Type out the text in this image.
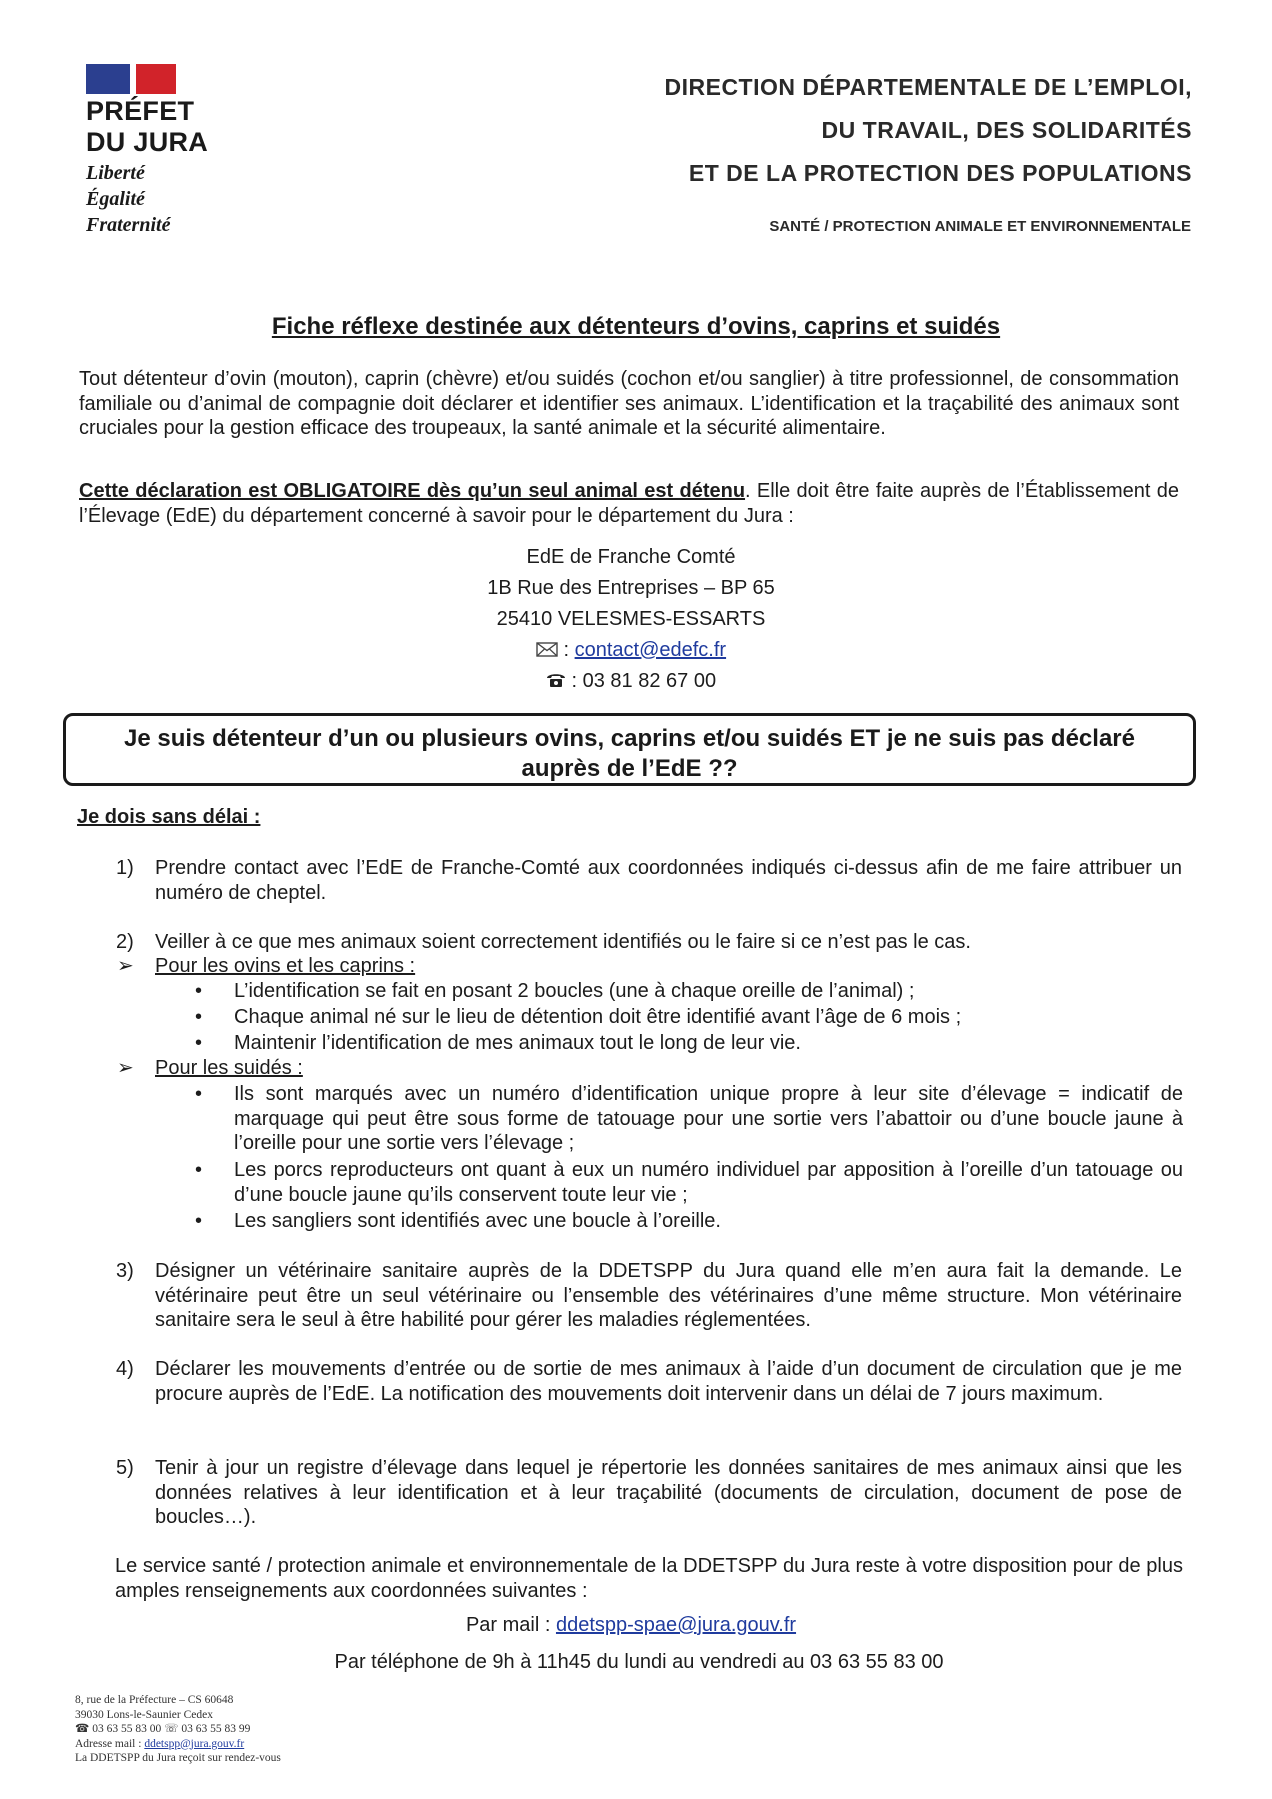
PRÉFET
DU JURA
Liberté
Égalité
Fraternité
DIRECTION DÉPARTEMENTALE DE L’EMPLOI,
DU TRAVAIL, DES SOLIDARITÉS
ET DE LA PROTECTION DES POPULATIONS
SANTÉ / PROTECTION ANIMALE ET ENVIRONNEMENTALE
Fiche réflexe destinée aux détenteurs d’ovins, caprins et suidés
Tout détenteur d’ovin (mouton), caprin (chèvre) et/ou suidés (cochon et/ou sanglier) à titre professionnel, de consommation familiale ou d’animal de compagnie doit déclarer et identifier ses animaux. L’identification et la traçabilité des animaux sont cruciales pour la gestion efficace des troupeaux, la santé animale et la sécurité alimentaire.
Cette déclaration est OBLIGATOIRE dès qu’un seul animal est détenu. Elle doit être faite auprès de l’Établissement de l’Élevage (EdE) du département concerné à savoir pour le département du Jura :
EdE de Franche Comté
1B Rue des Entreprises – BP 65
25410 VELESMES-ESSARTS
: contact@edefc.fr
: 03 81 82 67 00
Je suis détenteur d’un ou plusieurs ovins, caprins et/ou suidés ET je ne suis pas déclaré
auprès de l’EdE ??
Je dois sans délai :
1)	Prendre contact avec l’EdE de Franche-Comté aux coordonnées indiqués ci-dessus afin de me faire attribuer un numéro de cheptel.
2)	Veiller à ce que mes animaux soient correctement identifiés ou le faire si ce n’est pas le cas.
➢ Pour les ovins et les caprins :
• L’identification se fait en posant 2 boucles (une à chaque oreille de l’animal) ;
• Chaque animal né sur le lieu de détention doit être identifié avant l’âge de 6 mois ;
• Maintenir l’identification de mes animaux tout le long de leur vie.
➢ Pour les suidés :
• Ils sont marqués avec un numéro d’identification unique propre à leur site d’élevage = indicatif de marquage qui peut être sous forme de tatouage pour une sortie vers l’abattoir ou d’une boucle jaune à l’oreille pour une sortie vers l’élevage ;
• Les porcs reproducteurs ont quant à eux un numéro individuel par apposition à l’oreille d’un tatouage ou d’une boucle jaune qu’ils conservent toute leur vie ;
• Les sangliers sont identifiés avec une boucle à l’oreille.
3)	Désigner un vétérinaire sanitaire auprès de la DDETSPP du Jura quand elle m’en aura fait la demande. Le vétérinaire peut être un seul vétérinaire ou l’ensemble des vétérinaires d’une même structure. Mon vétérinaire sanitaire sera le seul à être habilité pour gérer les maladies réglementées.
4)	Déclarer les mouvements d’entrée ou de sortie de mes animaux à l’aide d’un document de circulation que je me procure auprès de l’EdE. La notification des mouvements doit intervenir dans un délai de 7 jours maximum.
5)	Tenir à jour un registre d’élevage dans lequel je répertorie les données sanitaires de mes animaux ainsi que les données relatives à leur identification et à leur traçabilité (documents de circulation, document de pose de boucles…).
Le service santé / protection animale et environnementale de la DDETSPP du Jura reste à votre disposition pour de plus amples renseignements aux coordonnées suivantes :
Par mail : ddetspp-spae@jura.gouv.fr
Par téléphone de 9h à 11h45 du lundi au vendredi au 03 63 55 83 00
8, rue de la Préfecture – CS 60648
39030 Lons-le-Saunier Cedex
☎ 03 63 55 83 00 ☏ 03 63 55 83 99
Adresse mail : ddetspp@jura.gouv.fr
La DDETSPP du Jura reçoit sur rendez-vous
